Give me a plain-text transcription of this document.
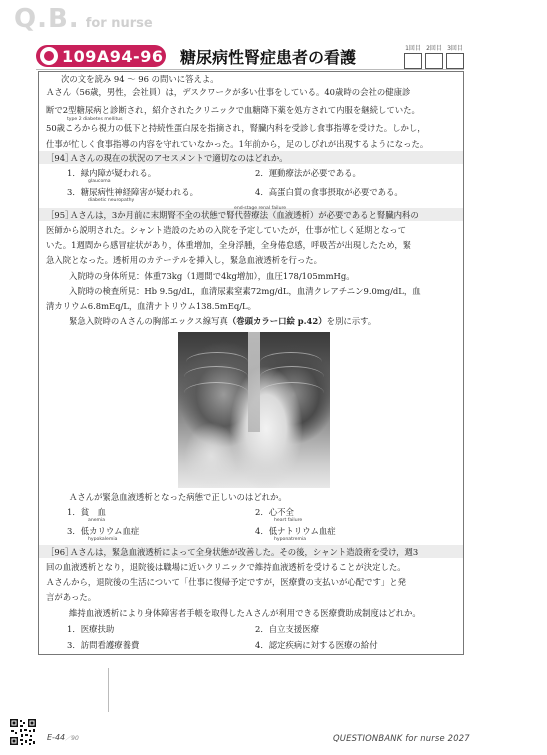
Q.B. for nurse
109A94-96 糖尿病性腎症患者の看護	1回目 2回目 3回目
次の文を読み 94 ～ 96 の問いに答えよ。
Ａさん（56歳，男性，会社員）は，デスクワークが多い仕事をしている。40歳時の会社の健康診
断で2型糖尿病と診断され，紹介されたクリニックで血糖降下薬を処方されて内服を継続していた。
type 2 diabetes mellitus
50歳ころから視力の低下と持続性蛋白尿を指摘され，腎臓内科を受診し食事指導を受けた。しかし，
仕事が忙しく食事指導の内容を守れていなかった。1年前から，足のしびれが出現するようになった。
［94］
Ａさんの現在の状況のアセスメントで適切なのはどれか。
1．緑内障が疑われる。
glaucoma
2．運動療法が必要である。
3．糖尿病性神経障害が疑われる。
diabetic neuropathy
4．高蛋白質の食事摂取が必要である。
end-stage renal failure
［95］
Ａさんは，3か月前に末期腎不全の状態で腎代替療法（血液透析）が必要であると腎臓内科の
医師から説明された。シャント造設のための入院を予定していたが，仕事が忙しく延期となって
いた。1週間から感冒症状があり，体重増加，全身浮腫，全身倦怠感，呼吸苦が出現したため，緊
急入院となった。透析用のカテーテルを挿入し，緊急血液透析を行った。
入院時の身体所見：体重73kg（1週間で4kg増加），血圧178/105mmHg。
入院時の検査所見：Hb 9.5g/dL，血清尿素窒素72mg/dL，血清クレアチニン9.0mg/dL，血
清カリウム6.8mEq/L，血清ナトリウム138.5mEq/L。
緊急入院時のＡさんの胸部エックス線写真（巻頭カラー口絵 p.42）を別に示す。
Ａさんが緊急血液透析となった病態で正しいのはどれか。
1．貧　血
anemia
2．心不全
heart failure
3．低カリウム血症
hypokalemia
4．低ナトリウム血症
hyponatremia
［96］
Ａさんは，緊急血液透析によって全身状態が改善した。その後，シャント造設術を受け，週3
回の血液透析となり，退院後は職場に近いクリニックで維持血液透析を受けることが決定した。
Ａさんから，退院後の生活について「仕事に復帰予定ですが，医療費の支払いが心配です」と発
言があった。
維持血液透析により身体障害者手帳を取得したＡさんが利用できる医療費助成制度はどれか。
1．医療扶助	2．自立支援医療
3．訪問看護療養費	4．認定疾病に対する医療の給付
E-44／90	QUESTIONBANK for nurse 2027
